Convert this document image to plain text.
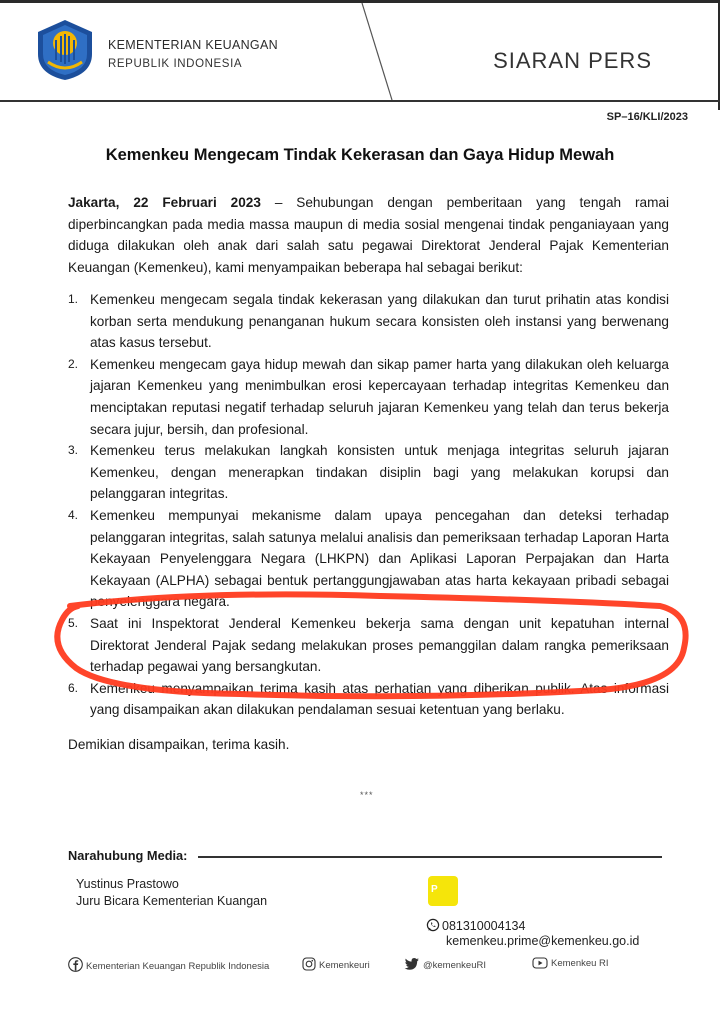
KEMENTERIAN KEUANGAN
REPUBLIK INDONESIA	SIARAN PERS
SP–16/KLI/2023
Kemenkeu Mengecam Tindak Kekerasan dan Gaya Hidup Mewah
Jakarta, 22 Februari 2023 – Sehubungan dengan pemberitaan yang tengah ramai diperbincangkan pada media massa maupun di media sosial mengenai tindak penganiayaan yang diduga dilakukan oleh anak dari salah satu pegawai Direktorat Jenderal Pajak Kementerian Keuangan (Kemenkeu), kami menyampaikan beberapa hal sebagai berikut:
1. Kemenkeu mengecam segala tindak kekerasan yang dilakukan dan turut prihatin atas kondisi korban serta mendukung penanganan hukum secara konsisten oleh instansi yang berwenang atas kasus tersebut.
2. Kemenkeu mengecam gaya hidup mewah dan sikap pamer harta yang dilakukan oleh keluarga jajaran Kemenkeu yang menimbulkan erosi kepercayaan terhadap integritas Kemenkeu dan menciptakan reputasi negatif terhadap seluruh jajaran Kemenkeu yang telah dan terus bekerja secara jujur, bersih, dan profesional.
3. Kemenkeu terus melakukan langkah konsisten untuk menjaga integritas seluruh jajaran Kemenkeu, dengan menerapkan tindakan disiplin bagi yang melakukan korupsi dan pelanggaran integritas.
4. Kemenkeu mempunyai mekanisme dalam upaya pencegahan dan deteksi terhadap pelanggaran integritas, salah satunya melalui analisis dan pemeriksaan terhadap Laporan Harta Kekayaan Penyelenggara Negara (LHKPN) dan Aplikasi Laporan Perpajakan dan Harta Kekayaan (ALPHA) sebagai bentuk pertanggungjawaban atas harta kekayaan pribadi sebagai penyelenggara negara.
5. Saat ini Inspektorat Jenderal Kemenkeu bekerja sama dengan unit kepatuhan internal Direktorat Jenderal Pajak sedang melakukan proses pemanggilan dalam rangka pemeriksaan terhadap pegawai yang bersangkutan.
6. Kemenkeu menyampaikan terima kasih atas perhatian yang diberikan publik. Atas informasi yang disampaikan akan dilakukan pendalaman sesuai ketentuan yang berlaku.
Demikian disampaikan, terima kasih.
***
Narahubung Media:
Yustinus Prastowo
Juru Bicara Kementerian Kuangan
P
081310004134
kemenkeu.prime@kemenkeu.go.id
Kementerian Keuangan Republik Indonesia	Kemenkeuri	@kemenkeuRI	Kemenkeu RI
